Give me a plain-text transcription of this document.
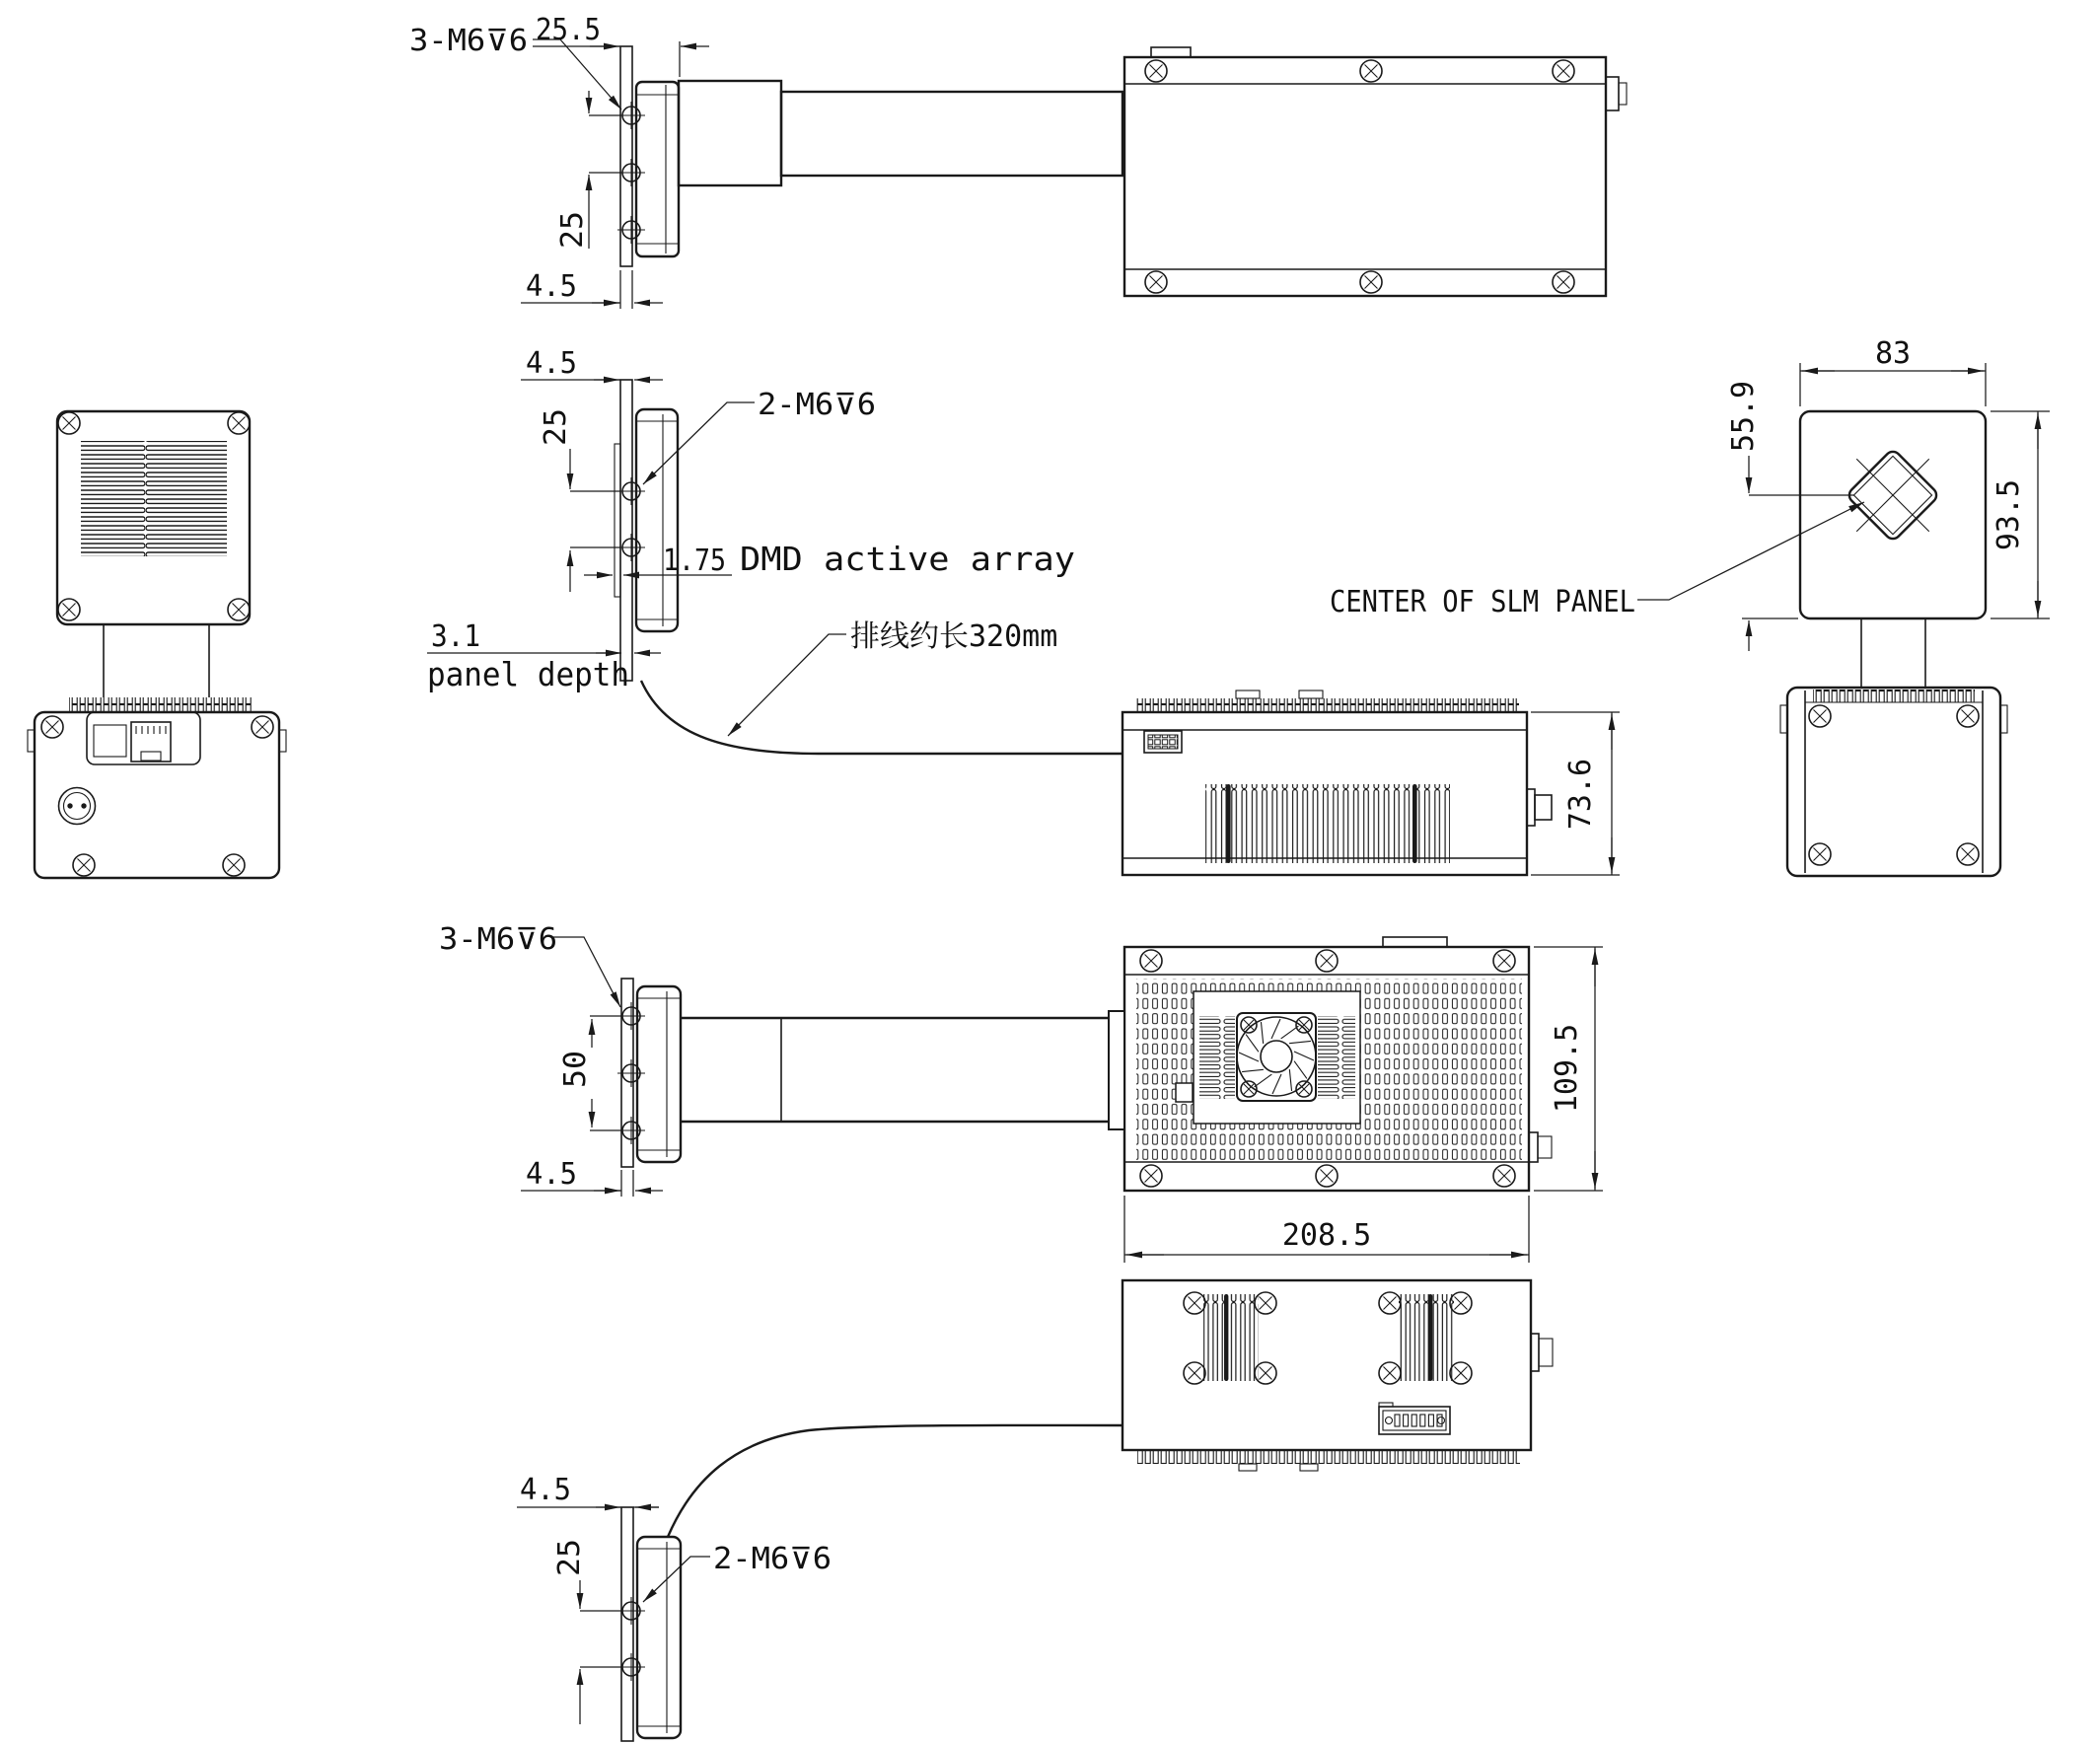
3-M6⊽6 25.5
25
4.5
4.5
2-M6⊽6
25
1.75 DMD active array
3.1
panel depth
排线约长320mm
83
93.5
55.9
CENTER OF SLM PANEL
73.6
109.5
208.5
3-M6⊽6
50
4.5
4.5
25	2-M6⊽6
